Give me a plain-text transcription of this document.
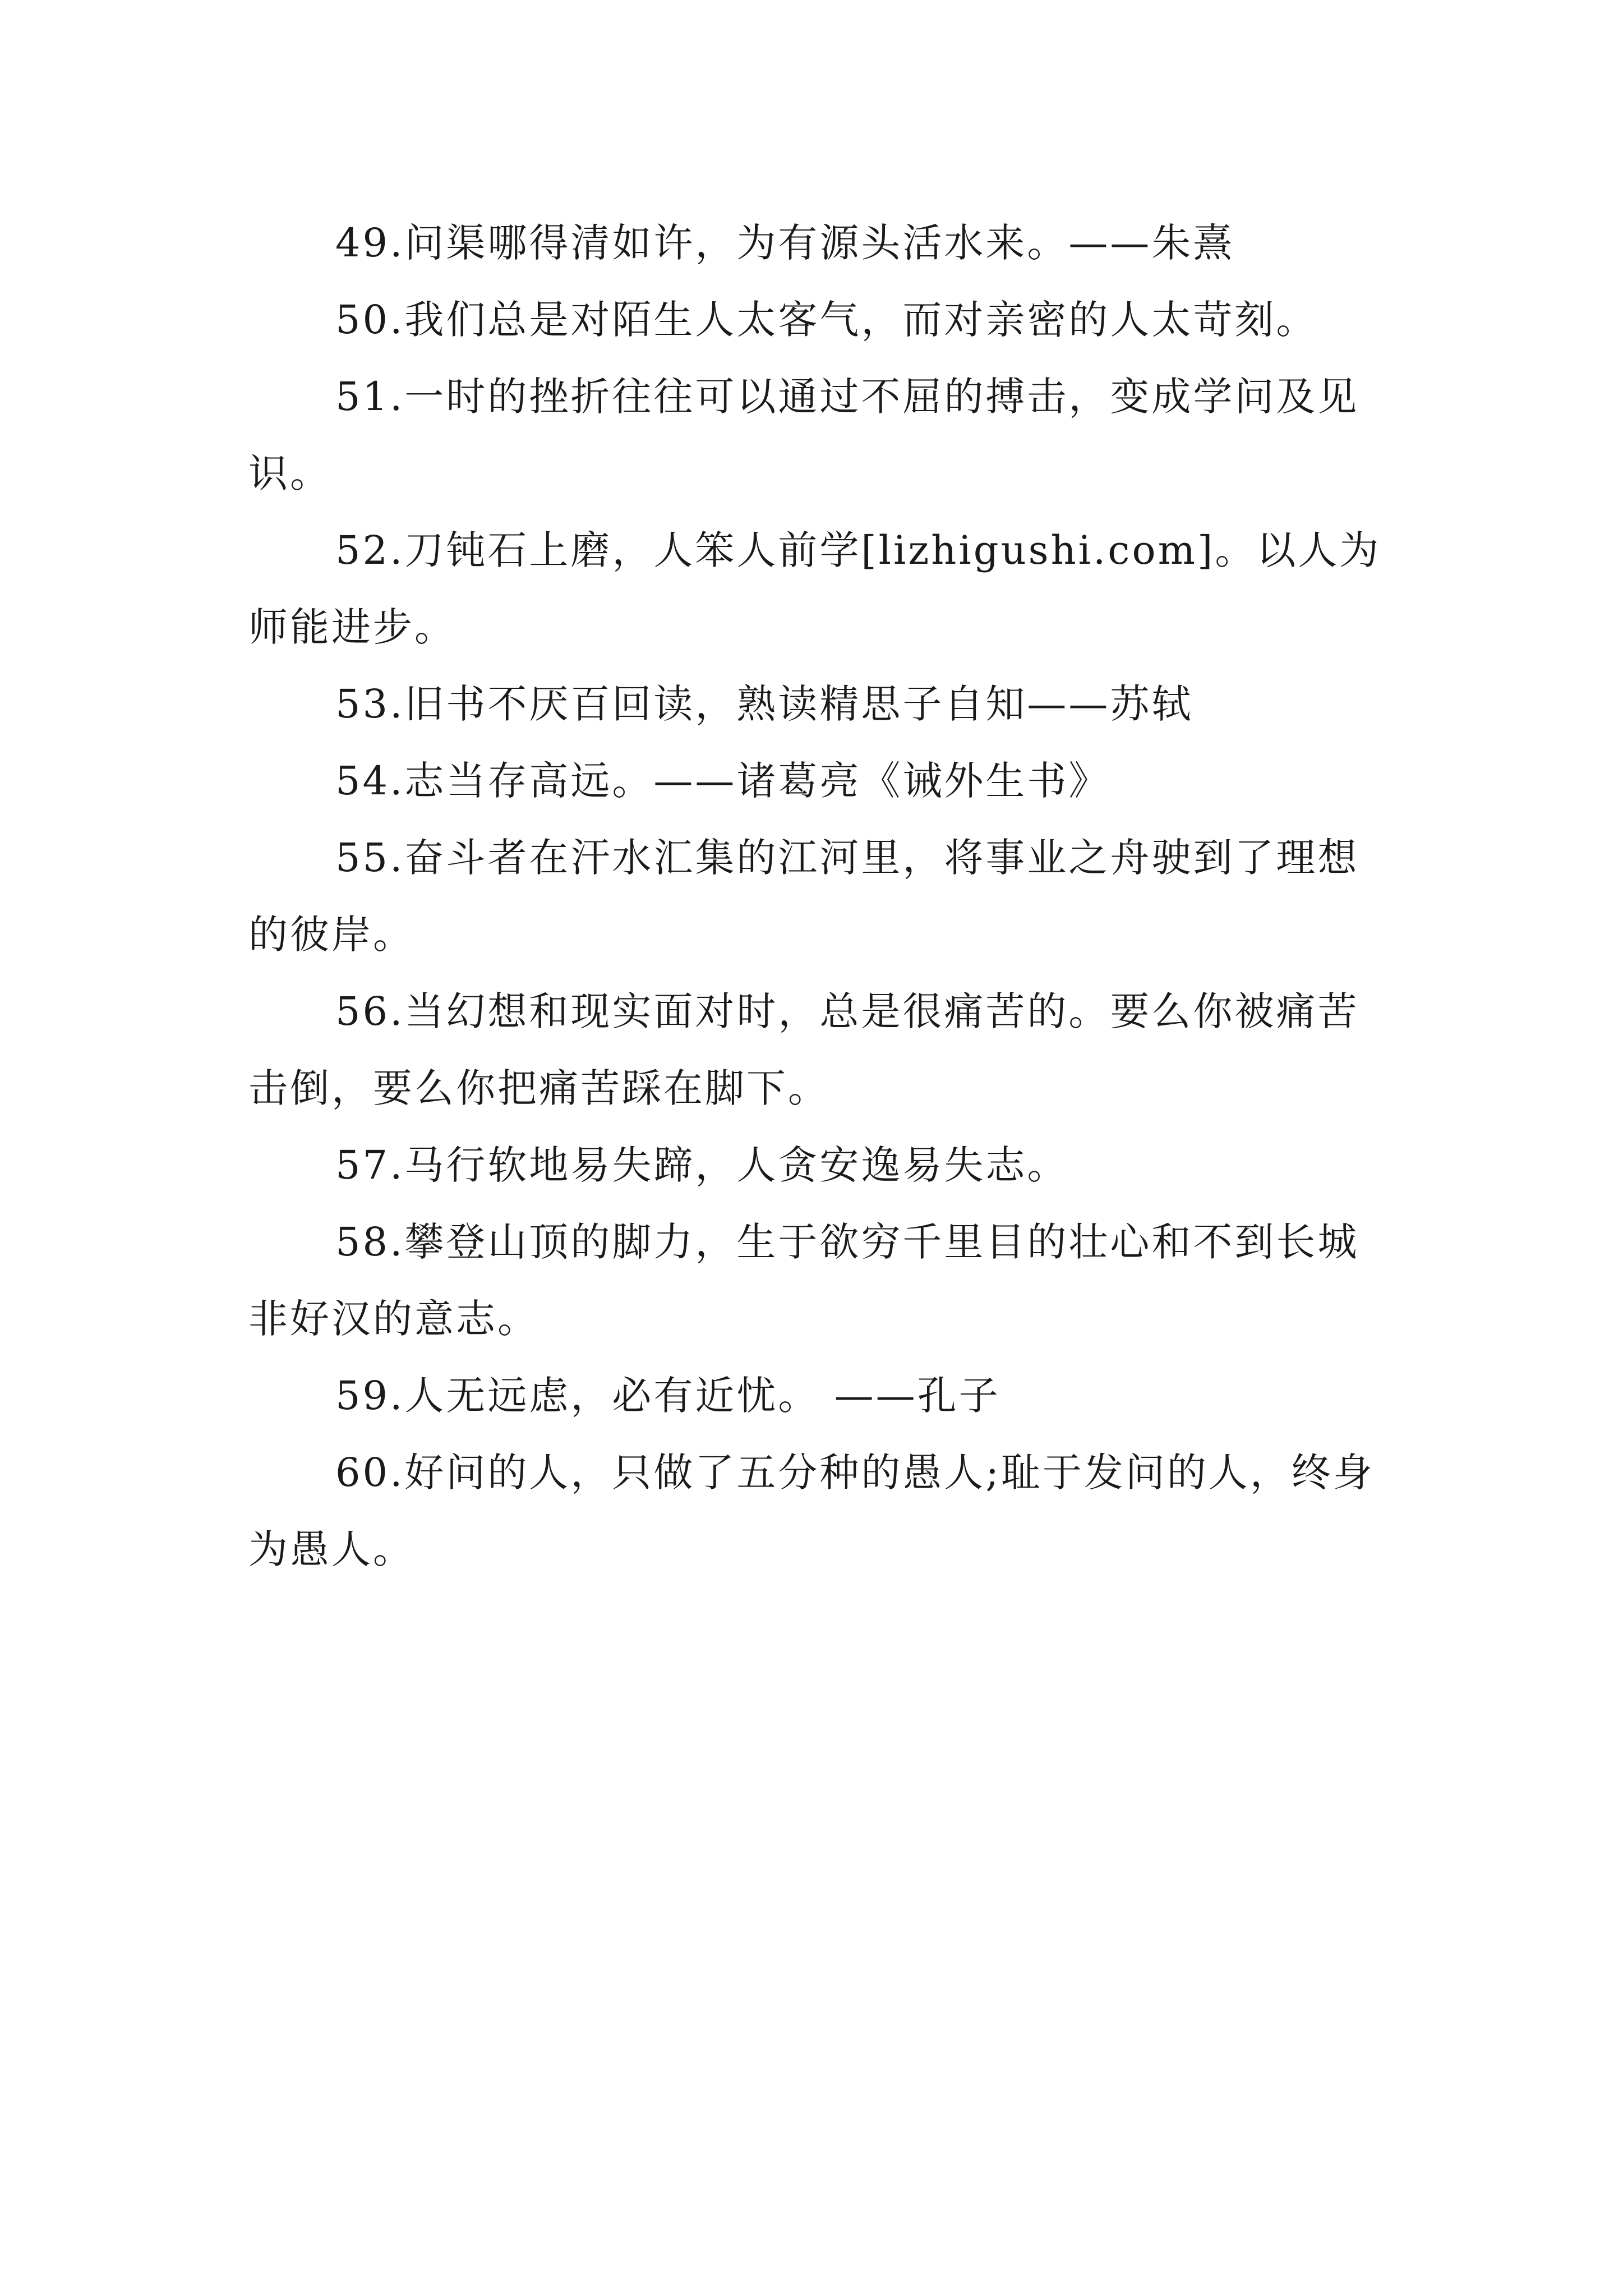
49.问渠哪得清如许，为有源头活水来。——朱熹

50.我们总是对陌生人太客气，而对亲密的人太苛刻。

51.一时的挫折往往可以通过不屈的搏击，变成学问及见识。

52.刀钝石上磨，人笨人前学[lizhigushi.com]。以人为师能进步。

53.旧书不厌百回读，熟读精思子自知——苏轼

54.志当存高远。——诸葛亮《诫外生书》

55.奋斗者在汗水汇集的江河里，将事业之舟驶到了理想的彼岸。

56.当幻想和现实面对时，总是很痛苦的。要么你被痛苦击倒，要么你把痛苦踩在脚下。

57.马行软地易失蹄，人贪安逸易失志。

58.攀登山顶的脚力，生于欲穷千里目的壮心和不到长城非好汉的意志。

59.人无远虑，必有近忧。 ——孔子

60.好问的人，只做了五分种的愚人;耻于发问的人，终身为愚人。
